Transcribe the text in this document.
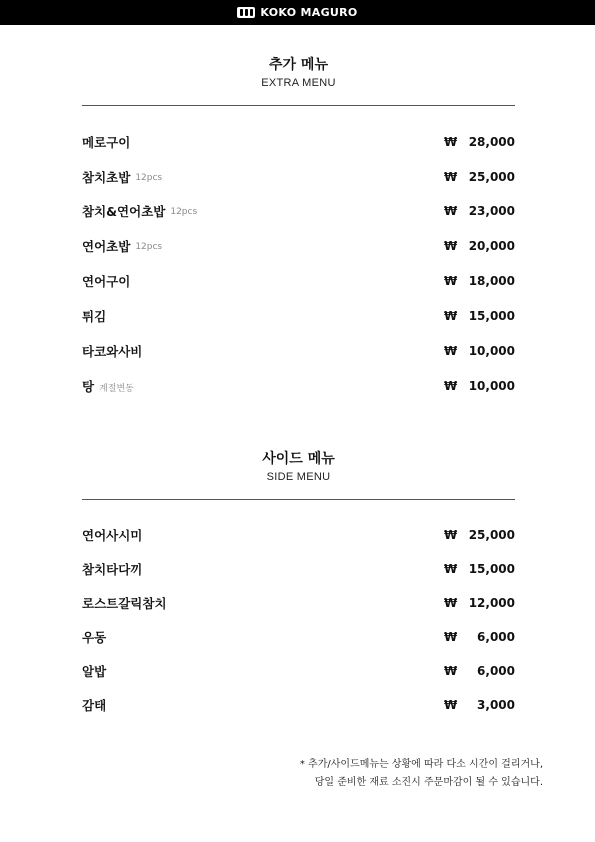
KOKO MAGURO
추가 메뉴
EXTRA MENU
메로구이	₩ 28,000
참치초밥 12pcs	₩ 25,000
참치&연어초밥 12pcs	₩ 23,000
연어초밥 12pcs	₩ 20,000
연어구이	₩ 18,000
튀김	₩ 15,000
타코와사비	₩ 10,000
탕 계절변동	₩ 10,000
사이드 메뉴
SIDE MENU
연어사시미	₩ 25,000
참치타다끼	₩ 15,000
로스트갈릭참치	₩ 12,000
우동	₩ 6,000
알밥	₩ 6,000
감태	₩ 3,000
* 추가/사이드메뉴는 상황에 따라 다소 시간이 걸리거나,
당일 준비한 재료 소진시 주문마감이 될 수 있습니다.
